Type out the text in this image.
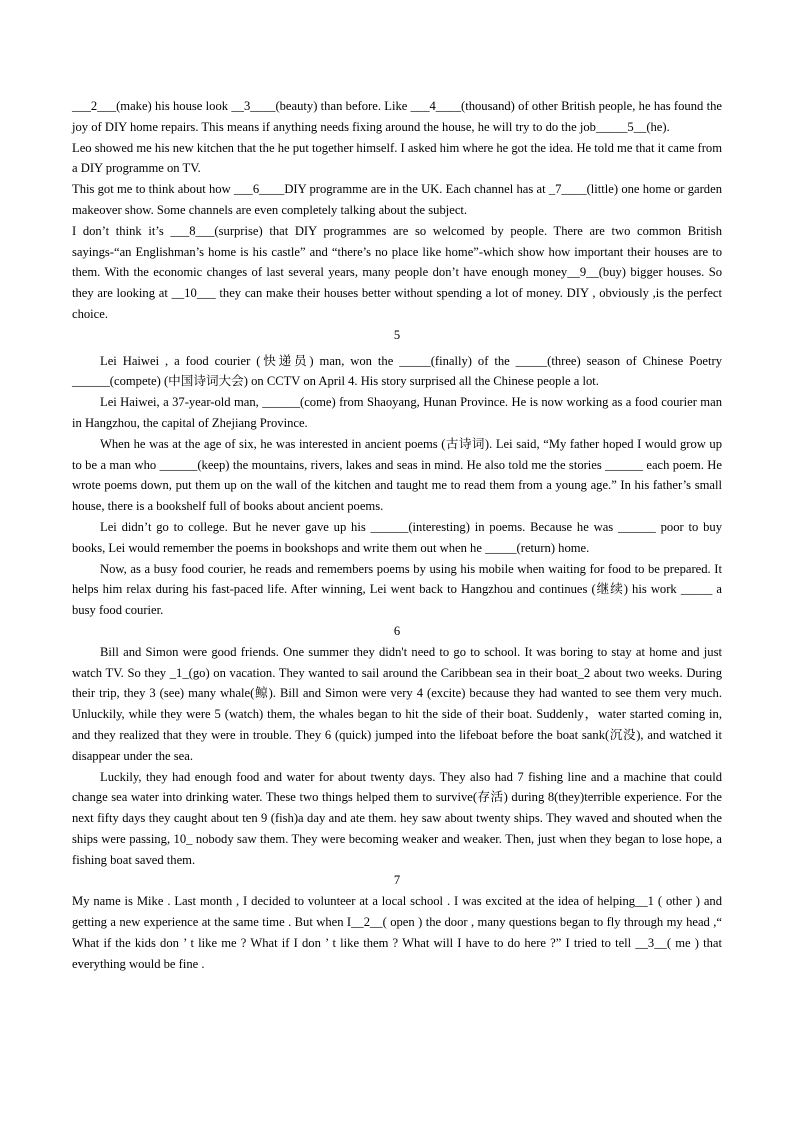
___2___(make) his house look __3____(beauty) than before. Like ___4____(thousand) of other British people, he has found the joy of DIY home repairs. This means if anything needs fixing around the house, he will try to do the job_____5__(he).

Leo showed me his new kitchen that the he put together himself. I asked him where he got the idea. He told me that it came from a DIY programme on TV.

This got me to think about how ___6____DIY programme are in the UK. Each channel has at _7____(little) one home or garden makeover show. Some channels are even completely talking about the subject.

I don’t think it’s ___8___(surprise) that DIY programmes are so welcomed by people. There are two common British sayings-“an Englishman’s home is his castle” and “there’s no place like home”-which show how important their houses are to them. With the economic changes of last several years, many people don’t have enough money__9__(buy) bigger houses. So they are looking at __10___ they can make their houses better without spending a lot of money. DIY , obviously ,is the perfect choice.

5

Lei Haiwei , a food courier (快递员) man, won the _____(finally) of the _____(three) season of Chinese Poetry ______(compete) (中国诗词大会) on CCTV on April 4. His story surprised all the Chinese people a lot.

Lei Haiwei, a 37-year-old man, ______(come) from Shaoyang, Hunan Province. He is now working as a food courier man in Hangzhou, the capital of Zhejiang Province.

When he was at the age of six, he was interested in ancient poems (古诗词). Lei said, “My father hoped I would grow up to be a man who ______(keep) the mountains, rivers, lakes and seas in mind. He also told me the stories ______ each poem. He wrote poems down, put them up on the wall of the kitchen and taught me to read them from a young age.” In his father’s small house, there is a bookshelf full of books about ancient poems.

Lei didn’t go to college. But he never gave up his ______(interesting) in poems. Because he was ______ poor to buy books, Lei would remember the poems in bookshops and write them out when he _____(return) home.

Now, as a busy food courier, he reads and remembers poems by using his mobile when waiting for food to be prepared. It helps him relax during his fast-paced life. After winning, Lei went back to Hangzhou and continues (继续) his work _____ a busy food courier.

6

Bill and Simon were good friends. One summer they didn't need to go to school. It was boring to stay at home and just watch TV. So they _1_(go) on vacation. They wanted to sail around the Caribbean sea in their boat_2 about two weeks. During their trip, they 3 (see) many whale(鲸). Bill and Simon were very 4 (excite) because they had wanted to see them very much. Unluckily, while they were 5 (watch) them, the whales began to hit the side of their boat. Suddenly，water started coming in, and they realized that they were in trouble. They 6 (quick) jumped into the lifeboat before the boat sank(沉没), and watched it disappear under the sea.

Luckily, they had enough food and water for about twenty days. They also had 7 fishing line and a machine that could change sea water into drinking water. These two things helped them to survive(存活) during 8(they)terrible experience. For the next fifty days they caught about ten 9 (fish)a day and ate them. hey saw about twenty ships. They waved and shouted when the ships were passing, 10_ nobody saw them. They were becoming weaker and weaker. Then, just when they began to lose hope, a fishing boat saved them.

7

My name is Mike . Last month , I decided to volunteer at a local school . I was excited at the idea of helping__1 ( other ) and getting a new experience at the same time . But when I__2__( open ) the door , many questions began to fly through my head ,“ What if the kids don ’ t like me ? What if I don ’ t like them ? What will I have to do here ?” I tried to tell __3__( me ) that everything would be fine .
